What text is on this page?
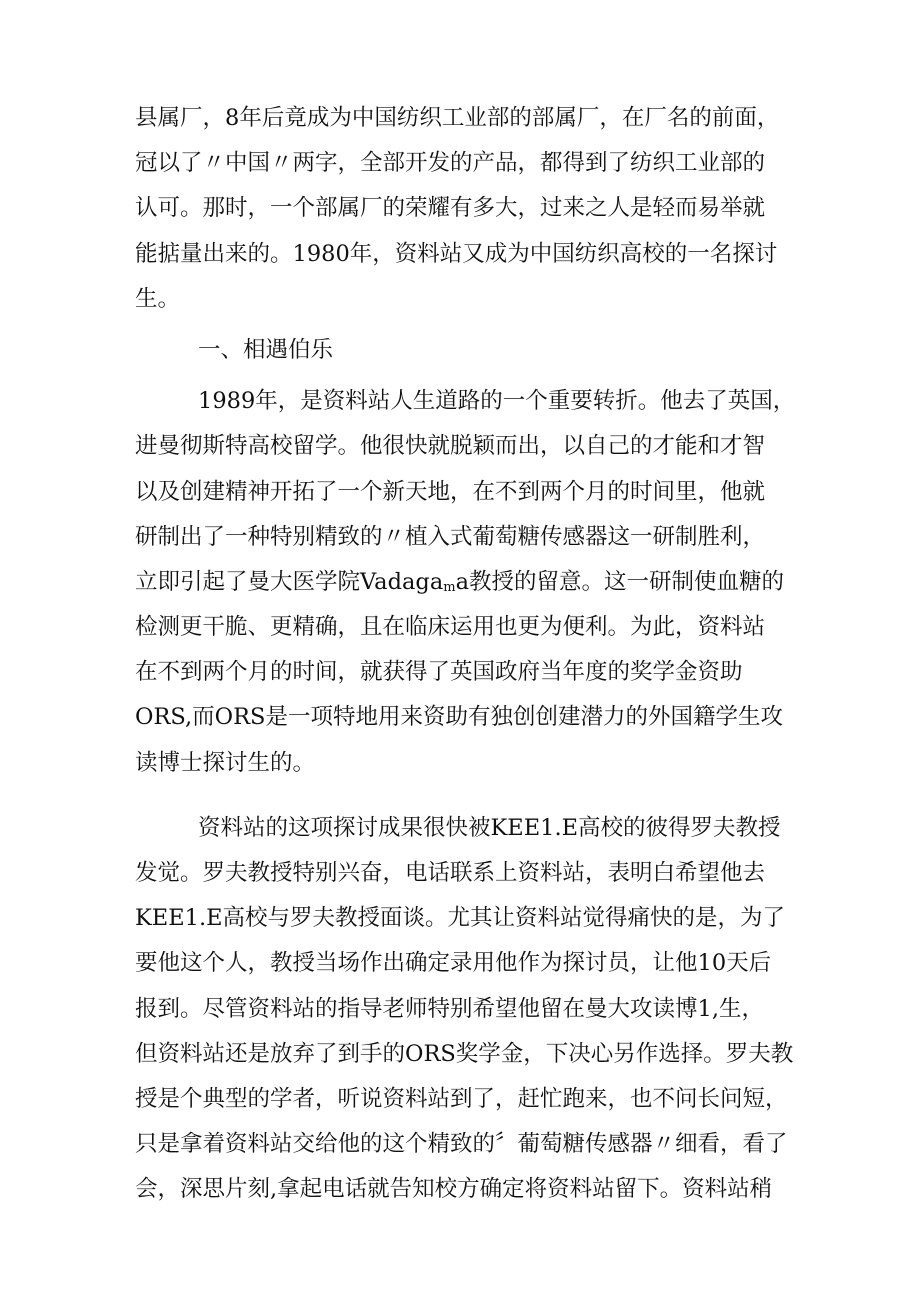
县属厂，8年后竟成为中国纺织工业部的部属厂，在厂名的前面，
冠以了〃中国〃两字，全部开发的产品，都得到了纺织工业部的
认可。那时，一个部属厂的荣耀有多大，过来之人是轻而易举就
能掂量出来的。1980年，资料站又成为中国纺织高校的一名探讨
生。
一、相遇伯乐
1989年，是资料站人生道路的一个重要转折。他去了英国，
进曼彻斯特高校留学。他很快就脱颖而出，以自己的才能和才智
以及创建精神开拓了一个新天地，在不到两个月的时间里，他就
研制出了一种特别精致的〃植入式葡萄糖传感器这一研制胜利，
立即引起了曼大医学院Vadaga$_m$a教授的留意。这一研制使血糖的
检测更干脆、更精确，且在临床运用也更为便利。为此，资料站
在不到两个月的时间，就获得了英国政府当年度的奖学金资助
ORS,而ORS是一项特地用来资助有独创创建潜力的外国籍学生攻
读博士探讨生的。
资料站的这项探讨成果很快被KEE1.E高校的彼得罗夫教授
发觉。罗夫教授特别兴奋，电话联系上资料站，表明白希望他去
KEE1.E高校与罗夫教授面谈。尤其让资料站觉得痛快的是，为了
要他这个人，教授当场作出确定录用他作为探讨员，让他10天后
报到。尽管资料站的指导老师特别希望他留在曼大攻读博1,生，
但资料站还是放弃了到手的ORS奖学金，下决心另作选择。罗夫教
授是个典型的学者，听说资料站到了，赶忙跑来，也不问长问短，
只是拿着资料站交给他的这个精致的〞葡萄糖传感器〃细看，看了
会，深思片刻,拿起电话就告知校方确定将资料站留下。资料站稍
